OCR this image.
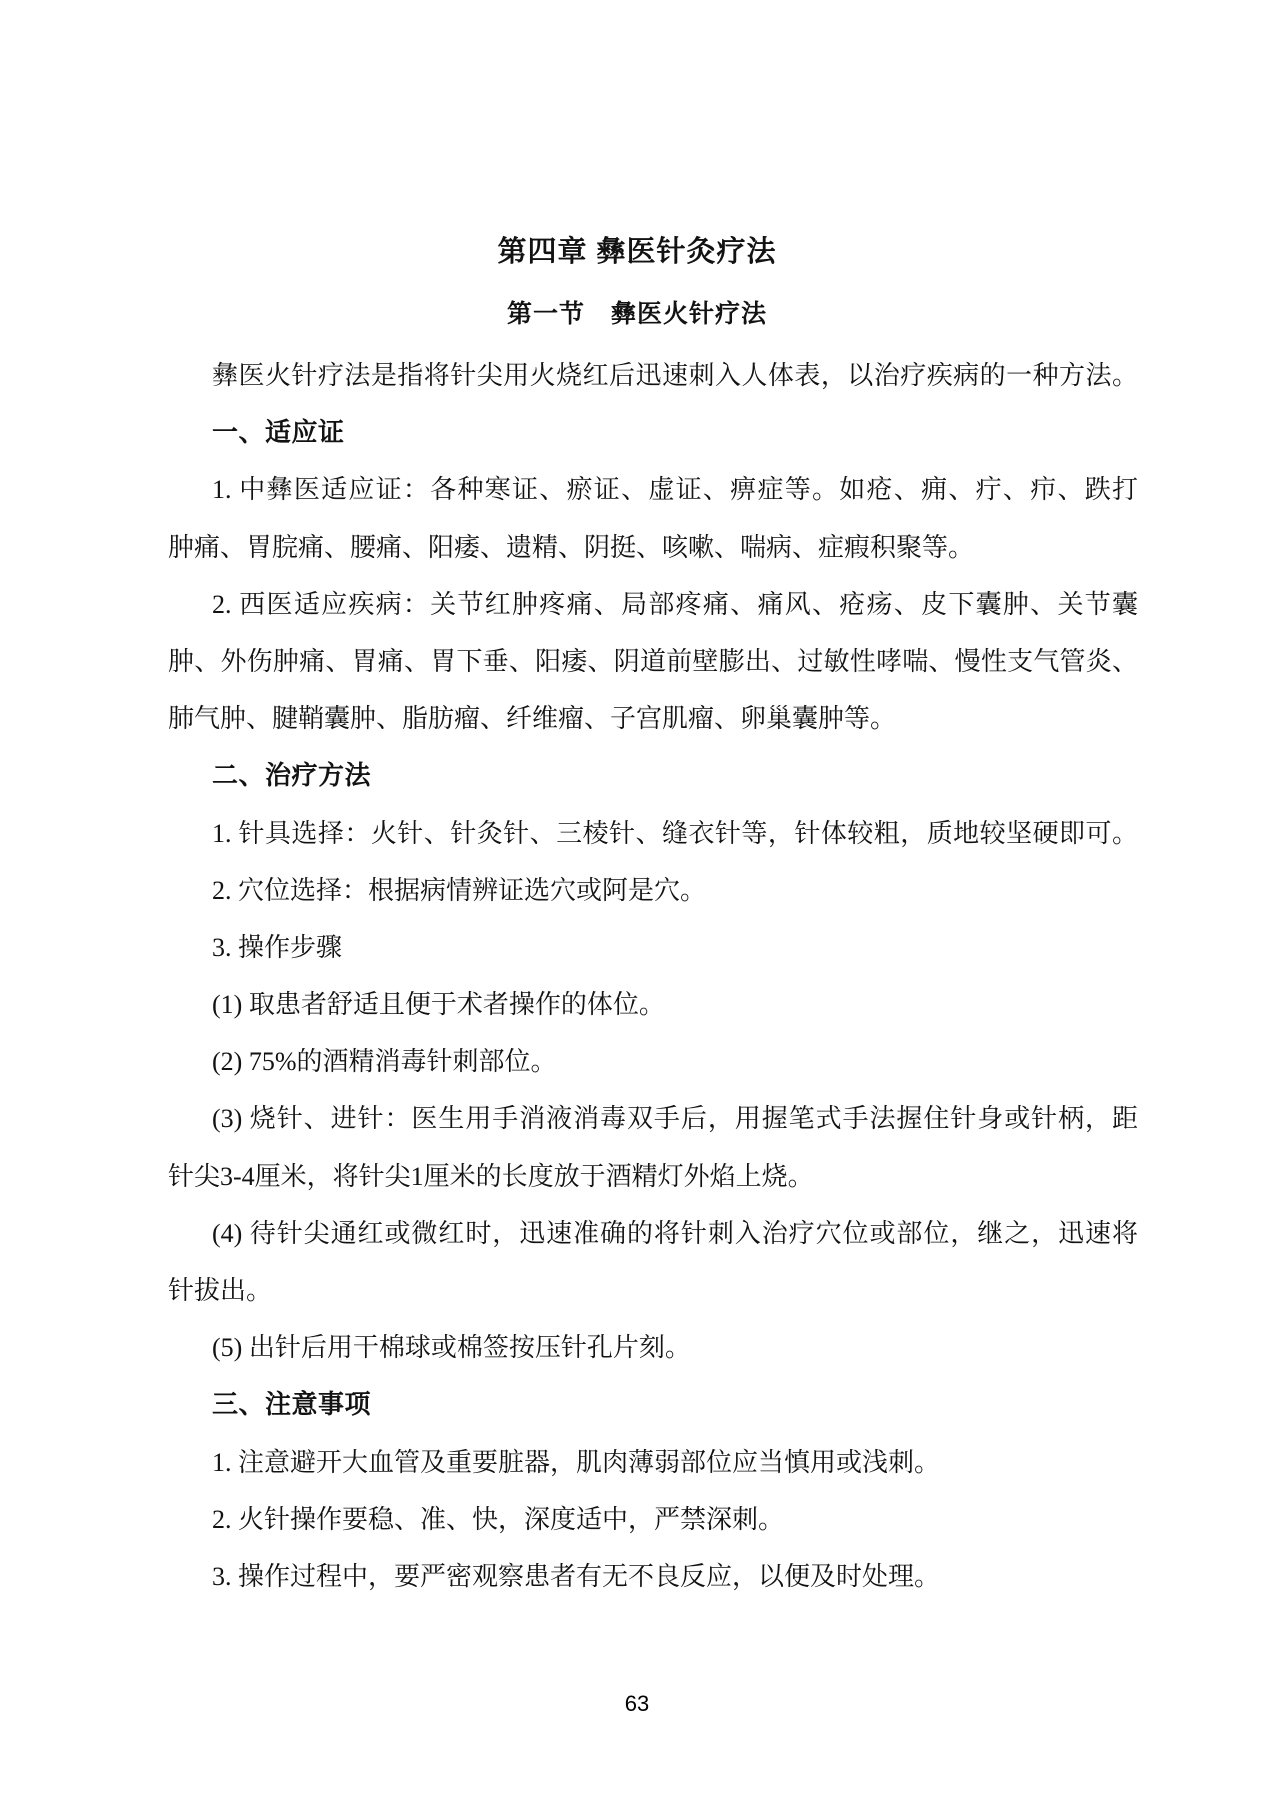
第四章 彝医针灸疗法
第一节　彝医火针疗法
彝医火针疗法是指将针尖用火烧红后迅速刺入人体表，以治疗疾病的一种方法。
一、适应证
1. 中彝医适应证：各种寒证、瘀证、虚证、痹症等。如疮、痈、疔、疖、跌打
肿痛、胃脘痛、腰痛、阳痿、遗精、阴挺、咳嗽、喘病、症瘕积聚等。
2. 西医适应疾病：关节红肿疼痛、局部疼痛、痛风、疮疡、皮下囊肿、关节囊
肿、外伤肿痛、胃痛、胃下垂、阳痿、阴道前壁膨出、过敏性哮喘、慢性支气管炎、
肺气肿、腱鞘囊肿、脂肪瘤、纤维瘤、子宫肌瘤、卵巢囊肿等。
二、治疗方法
1. 针具选择：火针、针灸针、三棱针、缝衣针等，针体较粗，质地较坚硬即可。
2. 穴位选择：根据病情辨证选穴或阿是穴。
3. 操作步骤
(1) 取患者舒适且便于术者操作的体位。
(2) 75%的酒精消毒针刺部位。
(3) 烧针、进针：医生用手消液消毒双手后，用握笔式手法握住针身或针柄，距
针尖3-4厘米，将针尖1厘米的长度放于酒精灯外焰上烧。
(4) 待针尖通红或微红时，迅速准确的将针刺入治疗穴位或部位，继之，迅速将
针拔出。
(5) 出针后用干棉球或棉签按压针孔片刻。
三、注意事项
1. 注意避开大血管及重要脏器，肌肉薄弱部位应当慎用或浅刺。
2. 火针操作要稳、准、快，深度适中，严禁深刺。
3. 操作过程中，要严密观察患者有无不良反应，以便及时处理。
63
